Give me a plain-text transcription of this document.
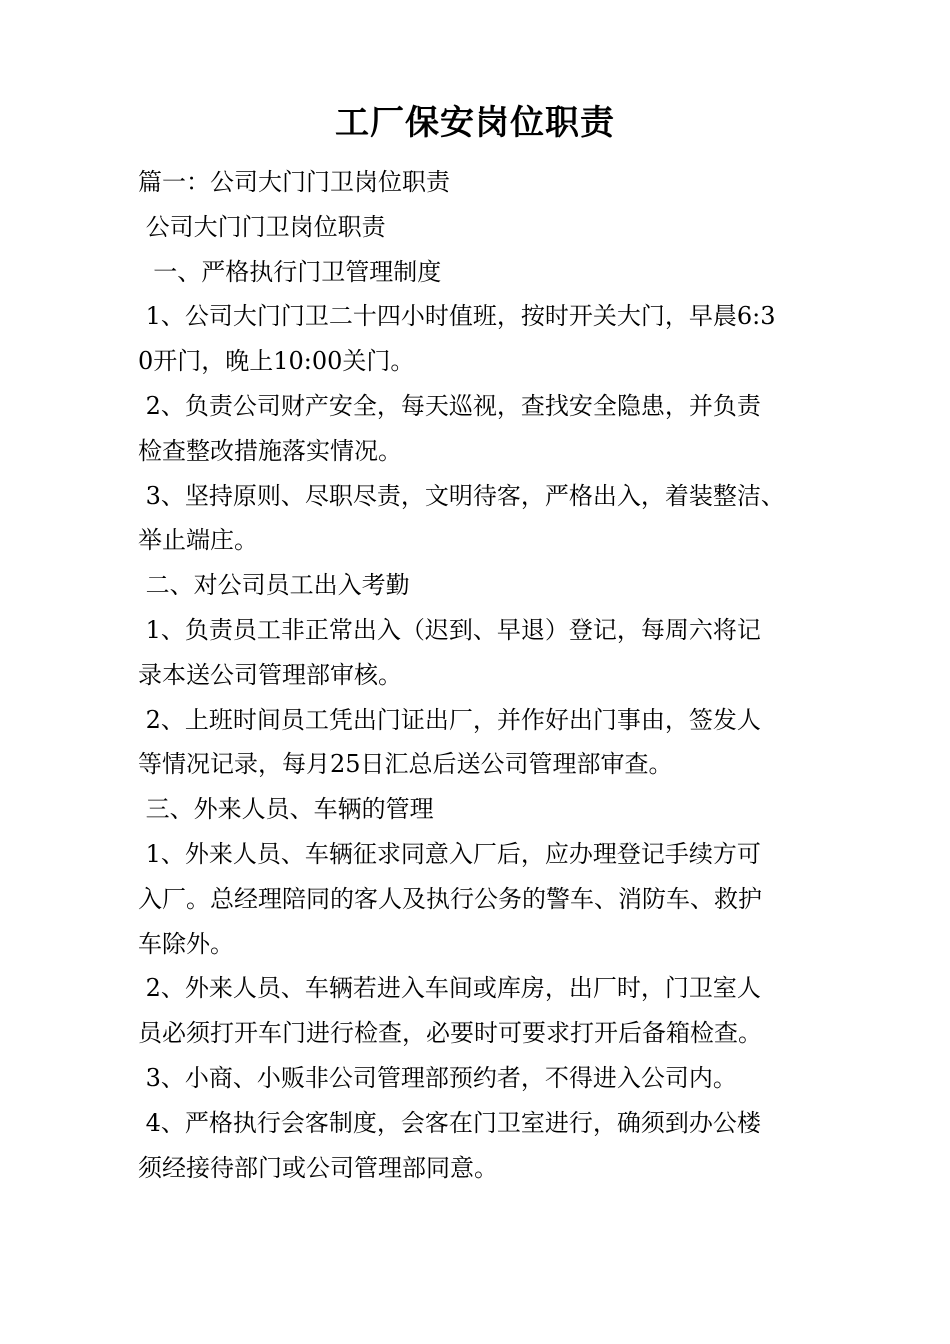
工厂保安岗位职责
篇一：公司大门门卫岗位职责
公司大门门卫岗位职责
一、严格执行门卫管理制度
1、公司大门门卫二十四小时值班，按时开关大门，早晨6:3
0开门，晚上10:00关门。
2、负责公司财产安全，每天巡视，查找安全隐患，并负责
检查整改措施落实情况。
3、坚持原则、尽职尽责，文明待客，严格出入，着装整洁、
举止端庄。
二、对公司员工出入考勤
1、负责员工非正常出入（迟到、早退）登记，每周六将记
录本送公司管理部审核。
2、上班时间员工凭出门证出厂，并作好出门事由，签发人
等情况记录，每月25日汇总后送公司管理部审查。
三、外来人员、车辆的管理
1、外来人员、车辆征求同意入厂后，应办理登记手续方可
入厂。总经理陪同的客人及执行公务的警车、消防车、救护
车除外。
2、外来人员、车辆若进入车间或库房，出厂时，门卫室人
员必须打开车门进行检查，必要时可要求打开后备箱检查。
3、小商、小贩非公司管理部预约者，不得进入公司内。
4、严格执行会客制度，会客在门卫室进行，确须到办公楼
须经接待部门或公司管理部同意。
